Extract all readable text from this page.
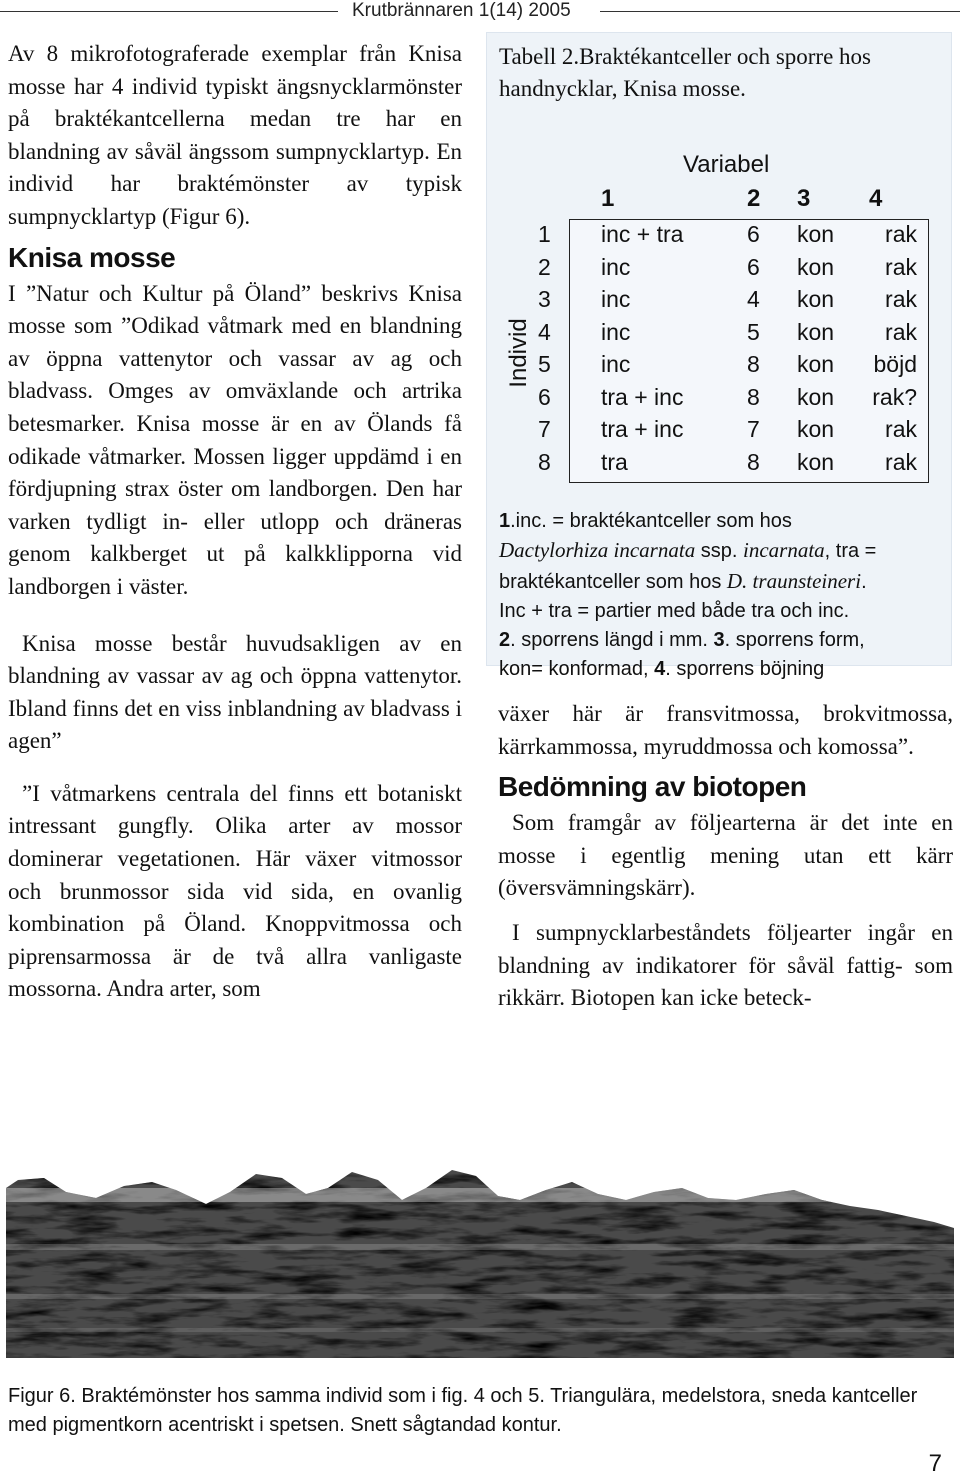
Krutbrännaren 1(14) 2005

Av 8 mikrofotograferade exemplar från Knisa mosse har 4 individ typiskt ängsnycklarmönster på braktékantcellerna medan tre har en blandning av såväl ängssom sumpnycklartyp. En individ har braktémönster av typisk sumpnycklartyp (Figur 6).

Knisa mosse

I ”Natur och Kultur på Öland” beskrivs Knisa mosse som ”Odikad våtmark med en blandning av öppna vattenytor och vassar av ag och bladvass. Omges av omväxlande och artrika betesmarker. Knisa mosse är en av Ölands få odikade våtmarker. Mossen ligger uppdämd i en fördjupning strax öster om landborgen. Den har varken tydligt in- eller utlopp och dräneras genom kalkberget ut på kalkklipporna vid landborgen i väster.

Knisa mosse består huvudsakligen av en blandning av vassar av ag och öppna vattenytor. Ibland finns det en viss inblandning av bladvass i agen”

”I våtmarkens centrala del finns ett botaniskt intressant gungfly. Olika arter av mossor dominerar vegetationen. Här växer vitmossor och brunmossor sida vid sida, en ovanlig kombination på Öland. Knoppvitmossa och piprensarmossa är de två allra vanligaste mossorna. Andra arter, som

Tabell 2.Braktékantceller och sporre hos handnycklar, Knisa mosse.
Variabel
1	2 3 4
Individ
1 inc + tra	6 kon rak
2 inc	6 kon rak
3 inc	4 kon rak
4 inc	5 kon rak
5 inc	8 kon böjd
6 tra + inc	8 kon rak?
7 tra + inc	7 kon rak
8 tra	8 kon rak
1.inc. = braktékantceller som hos
Dactylorhiza incarnata ssp. incarnata, tra =
braktékantceller som hos D. traunsteineri.
Inc + tra = partier med både tra och inc.
2. sporrens längd i mm. 3. sporrens form,
kon= konformad, 4. sporrens böjning

växer här är fransvitmossa, brokvitmossa, kärrkammossa, myruddmossa och komossa”.

Bedömning av biotopen

Som framgår av följearterna är det inte en mosse i egentlig mening utan ett kärr (översvämningskärr).

I sumpnycklarbeståndets följearter ingår en blandning av indikatorer för såväl fattig- som rikkärr. Biotopen kan icke beteck-

Figur 6. Braktémönster hos samma individ som i fig. 4 och 5. Triangulära, medelstora, sneda kantceller med pigmentkorn acentriskt i spetsen. Snett sågtandad kontur.
7
